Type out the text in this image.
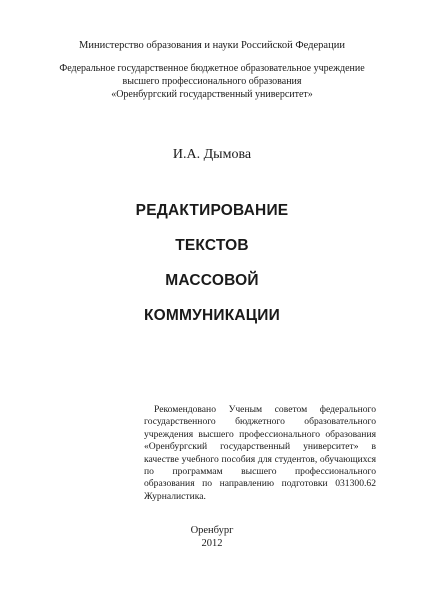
Министерство образования и науки Российской Федерации
Федеральное государственное бюджетное образовательное учреждение
высшего профессионального образования
«Оренбургский государственный университет»
И.А. Дымова
РЕДАКТИРОВАНИЕ
ТЕКСТОВ
МАССОВОЙ
КОММУНИКАЦИИ
Рекомендовано Ученым советом федерального государственного бюджетного образовательного учреждения высшего профессионального образования «Оренбургский государственный университет» в качестве учебного пособия для студентов, обучающихся по программам высшего профессионального образования по направлению подготовки 031300.62 Журналистика.
Оренбург
2012
